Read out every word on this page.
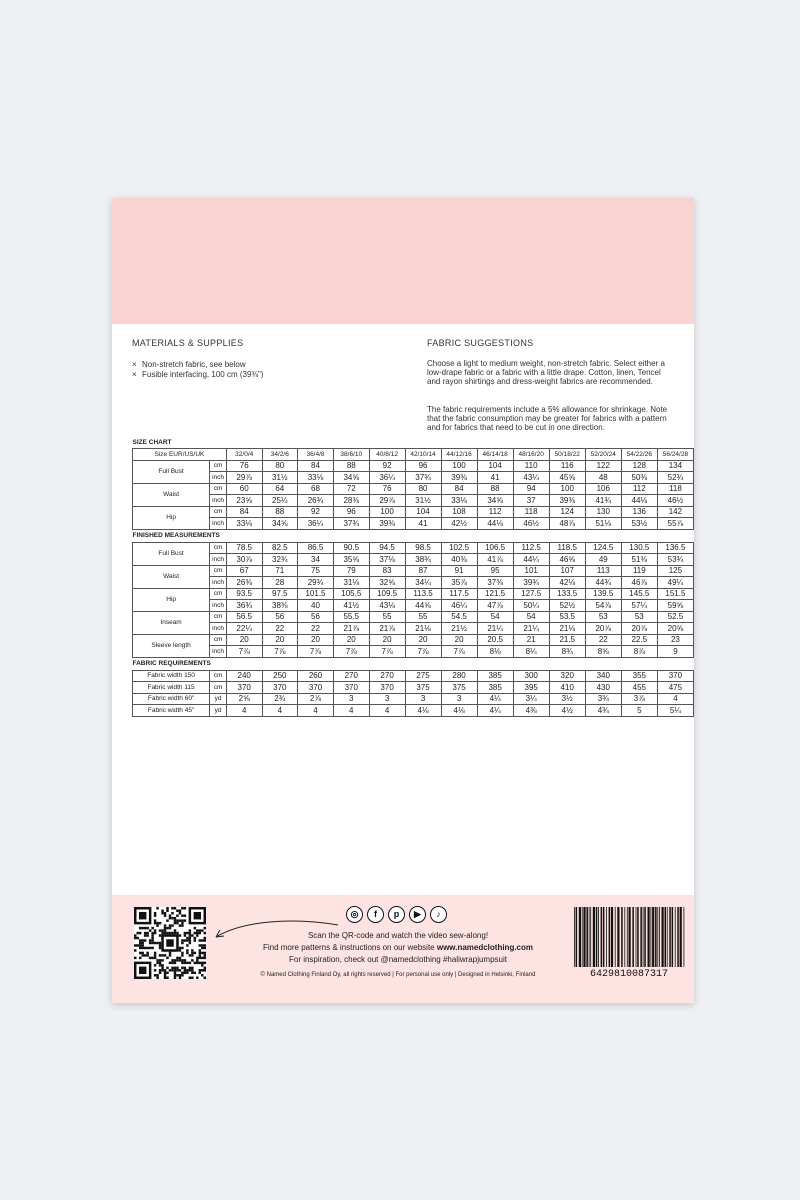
MATERIALS & SUPPLIES
× Non-stretch fabric, see below
× Fusible interfacing, 100 cm (39⅜")
FABRIC SUGGESTIONS
Choose a light to medium weight, non-stretch fabric. Select either a low-drape fabric or a fabric with a little drape. Cotton, linen, Tencel and rayon shirtings and dress-weight fabrics are recommended.
The fabric requirements include a 5% allowance for shrinkage. Note that the fabric consumption may be greater for fabrics with a pattern and for fabrics that need to be cut in one direction.
SIZE CHART														
Size EUR/US/UK		32/0/4	34/2/6	36/4/8	38/6/10	40/8/12	42/10/14	44/12/16	46/14/18	48/16/20	50/18/22	52/20/24	54/22/26	56/24/28
Full Bust	cm	76	80	84	88	92	96	100	104	110	116	122	128	134
	inch	29⅞	31½	33⅛	34⅝	36¼	37¾	39⅜	41	43¼	45⅝	48	50⅜	52¾
Waist	cm	60	64	68	72	76	80	84	88	94	100	106	112	118
	inch	23⅝	25¼	26¾	28⅜	29⅞	31½	33⅛	34⅝	37	39⅜	41¾	44⅛	46½
Hip	cm	84	88	92	96	100	104	108	112	118	124	130	136	142
	inch	33⅛	34⅝	36¼	37¾	39⅜	41	42½	44⅛	46½	48⅞	51⅛	53½	55⅞
FINISHED MEASUREMENTS														
Full Bust	cm	78.5	82.5	86.5	90.5	94.5	98.5	102.5	106.5	112.5	118.5	124.5	130.5	136.5
	inch	30⅞	32¾	34	35⅝	37⅛	38¾	40⅜	41⅞	44¼	46⅝	49	51⅜	53¾
Waist	cm	67	71	75	79	83	87	91	95	101	107	113	119	125
	inch	26⅜	28	29¾	31⅛	32⅝	34¼	35⅞	37⅜	39¾	42⅛	44¾	46⅞	49¼
Hip	cm	93.5	97.5	101.5	105.5	109.5	113.5	117.5	121.5	127.5	133.5	139.5	145.5	151.5
	inch	36¾	38⅜	40	41½	43⅛	44⅝	46¼	47⅞	50¼	52½	54⅞	57¼	59⅝
Inseam	cm	56.5	56	56	55.5	55	55	54.5	54	54	53.5	53	53	52.5
	inch	22¼	22	22	21⅞	21⅞	21⅛	21½	21¼	21¼	21⅛	20⅞	20⅞	20⅝
Sleeve length	cm	20	20	20	20	20	20	20	20.5	21	21.5	22	22.5	23
	inch	7⅞	7⅞	7⅞	7⅞	7⅞	7⅞	7⅞	8⅛	8¼	8¾	8⅝	8⅞	9
FABRIC REQUIREMENTS														
Fabric width 150	cm	240	250	260	270	270	275	280	385	300	320	340	355	370
Fabric width 115	cm	370	370	370	370	370	375	375	385	395	410	430	455	475
Fabric width 60"	yd	2⅝	2¾	2⅞	3	3	3	3	4¼	3¼	3½	3¾	3⅞	4
Fabric width 45"	yd	4	4	4	4	4	4⅛	4⅛	4¼	4⅜	4½	4¾	5	5¼
◎	f	p	▶	♪
Scan the QR-code and watch the video sew-along!
Find more patterns & instructions on our website www.namedclothing.com
For inspiration, check out @namedclothing #haliwrapjumpsuit
© Named Clothing Finland Oy, all rights reserved | For personal use only | Designed in Helsinki, Finland	6429810087317
